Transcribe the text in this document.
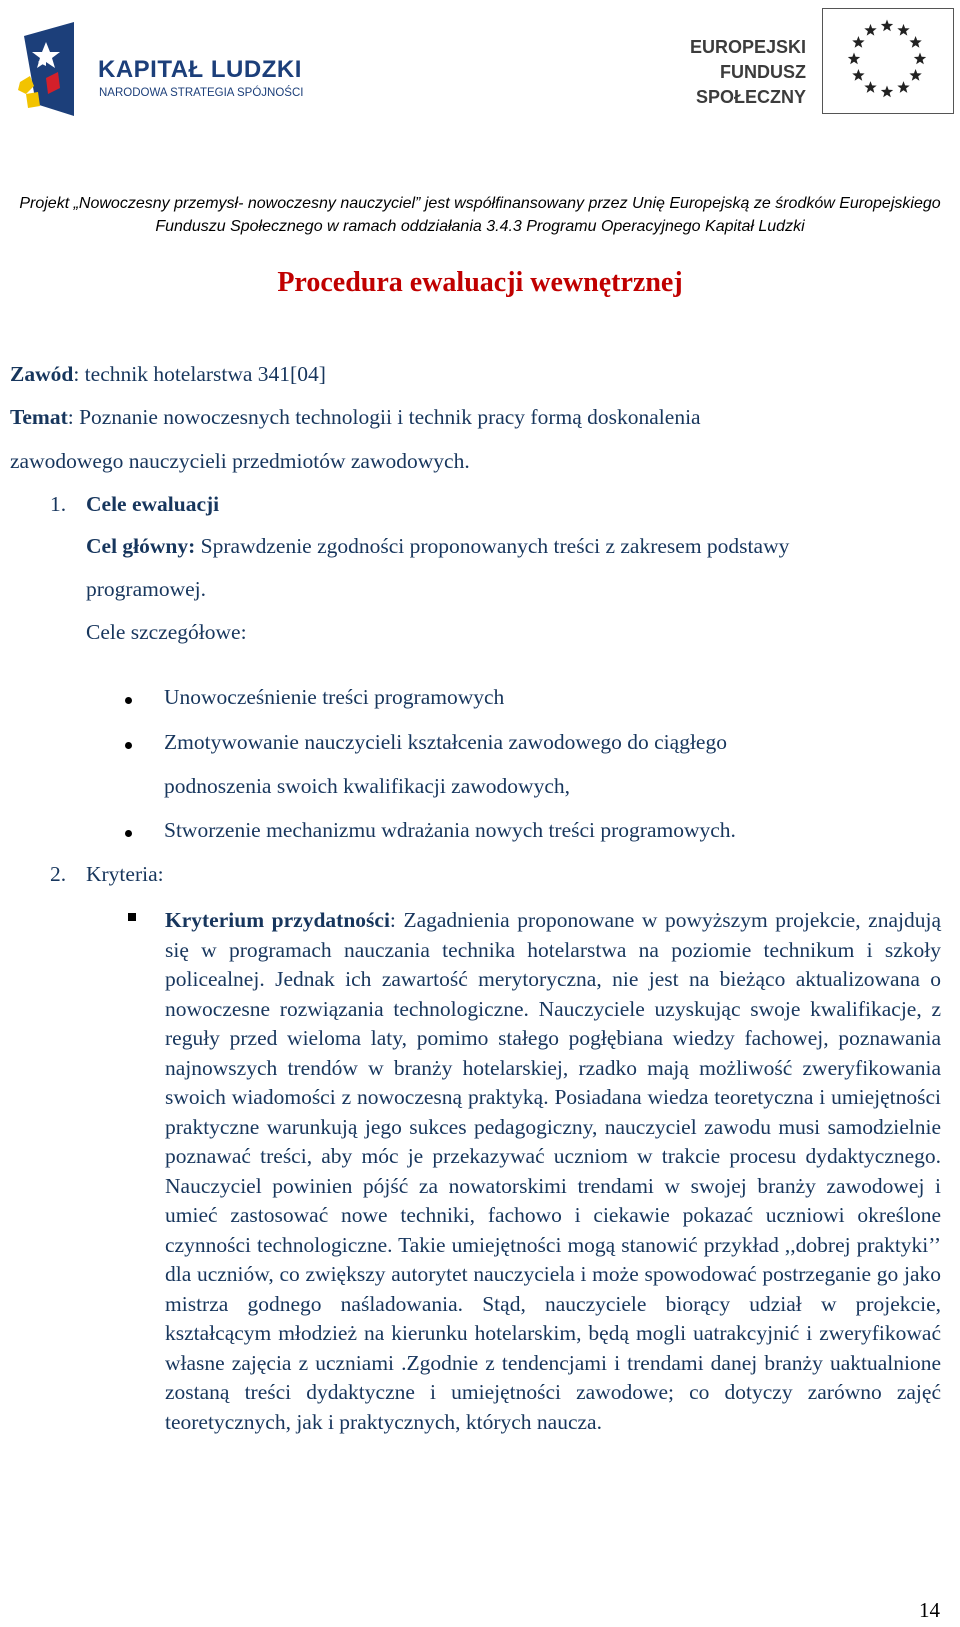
KAPITAŁ LUDZKI
NARODOWA STRATEGIA SPÓJNOŚCI
EUROPEJSKI
FUNDUSZ SPOŁECZNY
Projekt „Nowoczesny przemysł- nowoczesny nauczyciel” jest współfinansowany przez Unię Europejską ze środków Europejskiego
Funduszu Społecznego w ramach oddziałania 3.4.3 Programu Operacyjnego Kapitał Ludzki
Procedura ewaluacji wewnętrznej
Zawód: technik hotelarstwa 341[04]
Temat: Poznanie nowoczesnych technologii i technik pracy formą doskonalenia
zawodowego nauczycieli przedmiotów zawodowych.
1. Cele ewaluacji
Cel główny: Sprawdzenie zgodności proponowanych treści z zakresem podstawy
programowej.
Cele szczegółowe:
Unowocześnienie treści programowych
Zmotywowanie nauczycieli kształcenia zawodowego do ciągłego
podnoszenia swoich kwalifikacji zawodowych,
Stworzenie mechanizmu wdrażania nowych treści programowych.
2. Kryteria:
Kryterium przydatności: Zagadnienia proponowane w powyższym projekcie, znajdują się w programach nauczania technika hotelarstwa na poziomie technikum i szkoły policealnej. Jednak ich zawartość merytoryczna, nie jest na bieżąco aktualizowana o nowoczesne rozwiązania technologiczne. Nauczyciele uzyskując swoje kwalifikacje, z reguły przed wieloma laty, pomimo stałego pogłębiana wiedzy fachowej, poznawania najnowszych trendów w branży hotelarskiej, rzadko mają możliwość zweryfikowania swoich wiadomości z nowoczesną praktyką. Posiadana wiedza teoretyczna i umiejętności praktyczne warunkują jego sukces pedagogiczny, nauczyciel zawodu musi samodzielnie poznawać treści, aby móc je przekazywać uczniom w trakcie procesu dydaktycznego. Nauczyciel powinien pójść za nowatorskimi trendami w swojej branży zawodowej i umieć zastosować nowe techniki, fachowo i ciekawie pokazać uczniowi określone czynności technologiczne. Takie umiejętności mogą stanowić przykład ,,dobrej praktyki’’ dla uczniów, co zwiększy autorytet nauczyciela i może spowodować postrzeganie go jako mistrza godnego naśladowania. Stąd, nauczyciele biorący udział w projekcie, kształcącym młodzież na kierunku hotelarskim, będą mogli uatrakcyjnić i zweryfikować własne zajęcia z uczniami .Zgodnie z tendencjami i trendami danej branży uaktualnione zostaną treści dydaktyczne i umiejętności zawodowe; co dotyczy zarówno zajęć teoretycznych, jak i praktycznych, których naucza.
14
